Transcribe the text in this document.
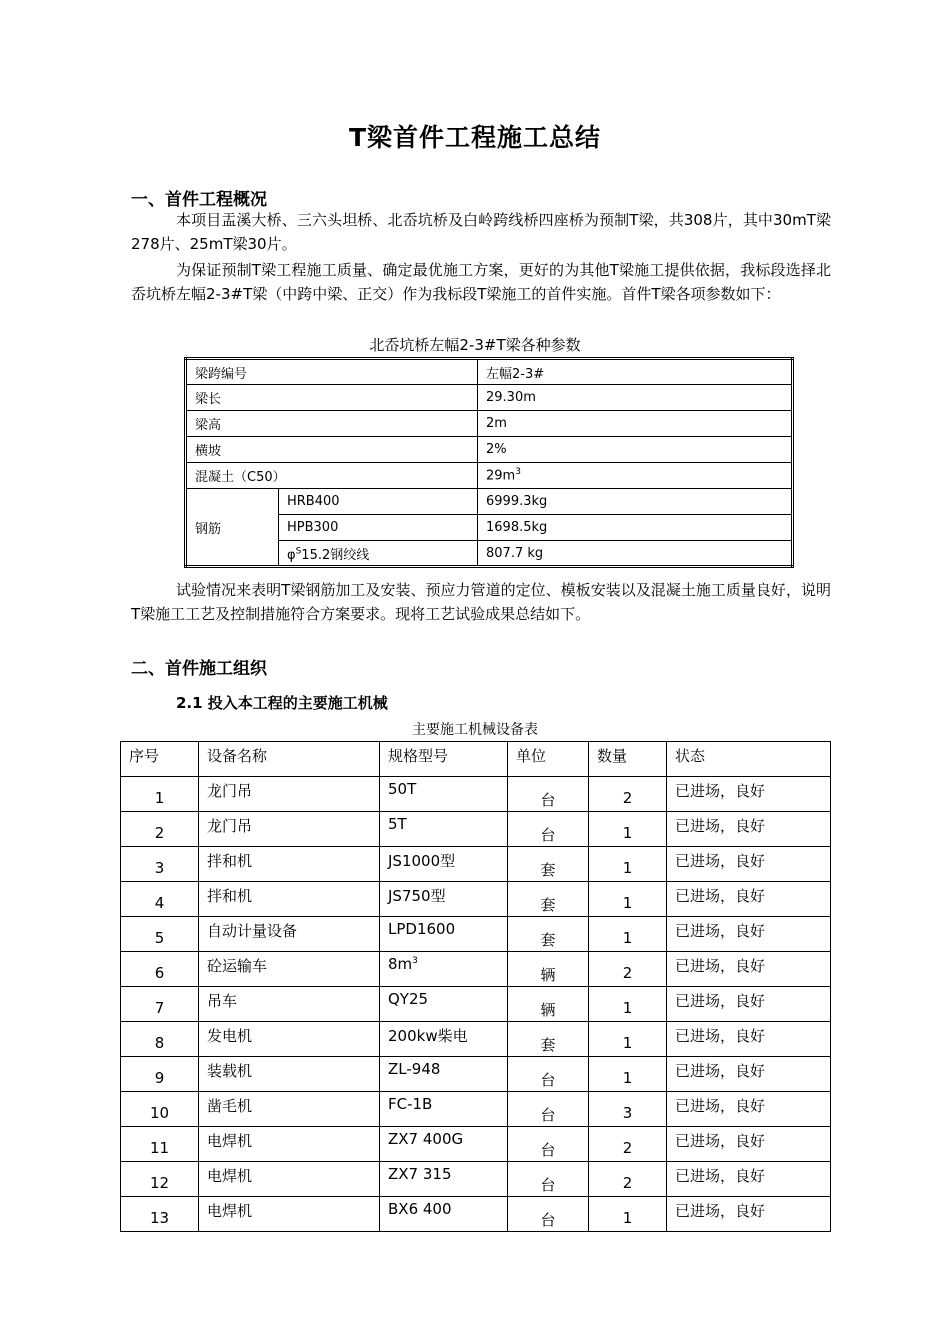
T梁首件工程施工总结
一、首件工程概况
本项目盂溪大桥、三六头坦桥、北岙坑桥及白岭跨线桥四座桥为预制T梁，共308片，其中30mT梁278片、25mT梁30片。
为保证预制T梁工程施工质量、确定最优施工方案，更好的为其他T梁施工提供依据，我标段选择北岙坑桥左幅2-3#T梁（中跨中梁、正交）作为我标段T梁施工的首件实施。首件T梁各项参数如下：
北岙坑桥左幅2-3#T梁各种参数
梁跨编号		左幅2-3#
梁长		29.30m
梁高		2m
横坡		2%
混凝土（C50）		$29m^3$
钢筋	HRB400	6999.3kg
	HPB300	1698.5kg
	$\varphi^S15.2$钢绞线	807.7 kg
试验情况来表明T梁钢筋加工及安装、预应力管道的定位、模板安装以及混凝土施工质量良好，说明T梁施工工艺及控制措施符合方案要求。现将工艺试验成果总结如下。
二、首件施工组织
2.1 投入本工程的主要施工机械
主要施工机械设备表
序号	设备名称	规格型号	单位	数量	状态
1	龙门吊	50T	台	2	已进场，良好
2	龙门吊	5T	台	1	已进场，良好
3	拌和机	JS1000型	套	1	已进场，良好
4	拌和机	JS750型	套	1	已进场，良好
5	自动计量设备	LPD1600	套	1	已进场，良好
6	砼运输车	$8m^3$	辆	2	已进场，良好
7	吊车	QY25	辆	1	已进场，良好
8	发电机	200kw柴电	套	1	已进场，良好
9	装载机	ZL-948	台	1	已进场，良好
10	凿毛机	FC-1B	台	3	已进场，良好
11	电焊机	ZX7 400G	台	2	已进场，良好
12	电焊机	ZX7 315	台	2	已进场，良好
13	电焊机	BX6 400	台	1	已进场，良好
